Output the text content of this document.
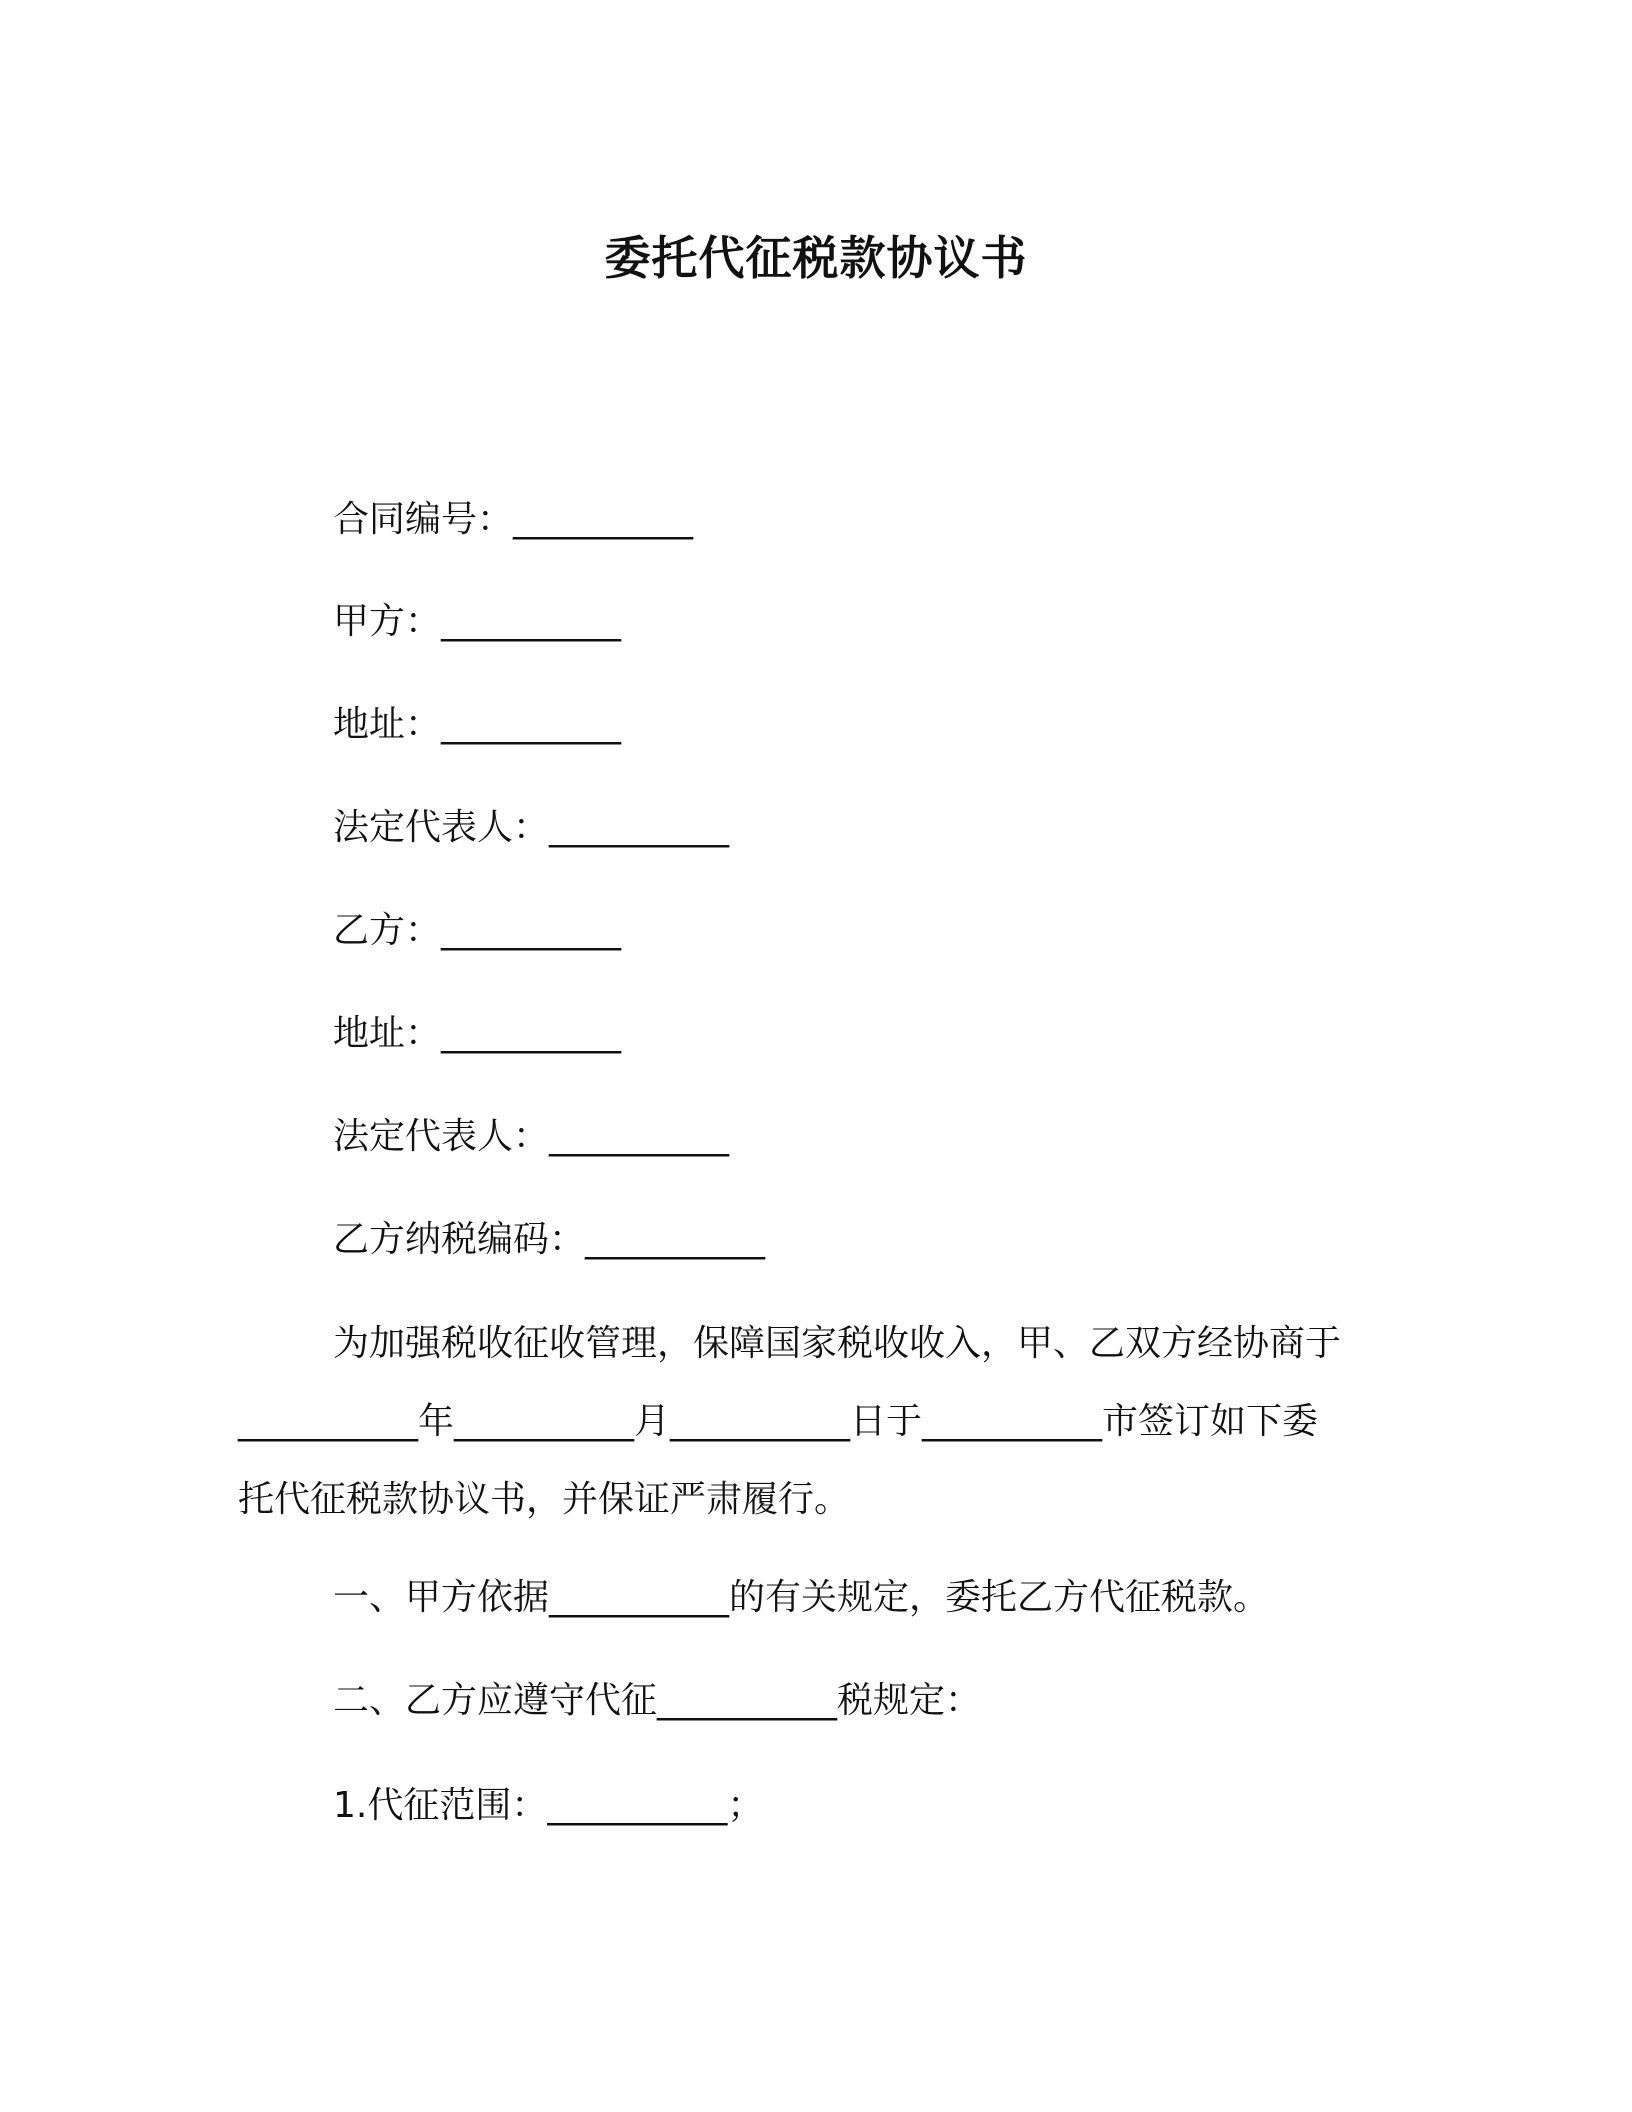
委托代征税款协议书
合同编号：__________
甲方：__________
地址：__________
法定代表人：__________
乙方：__________
地址：__________
法定代表人：__________
乙方纳税编码：__________
为加强税收征收管理，保障国家税收收入，甲、乙双方经协商于
__________年__________月__________日于__________市签订如下委
托代征税款协议书，并保证严肃履行。
一、甲方依据__________的有关规定，委托乙方代征税款。
二、乙方应遵守代征__________税规定：
1.代征范围：__________；
